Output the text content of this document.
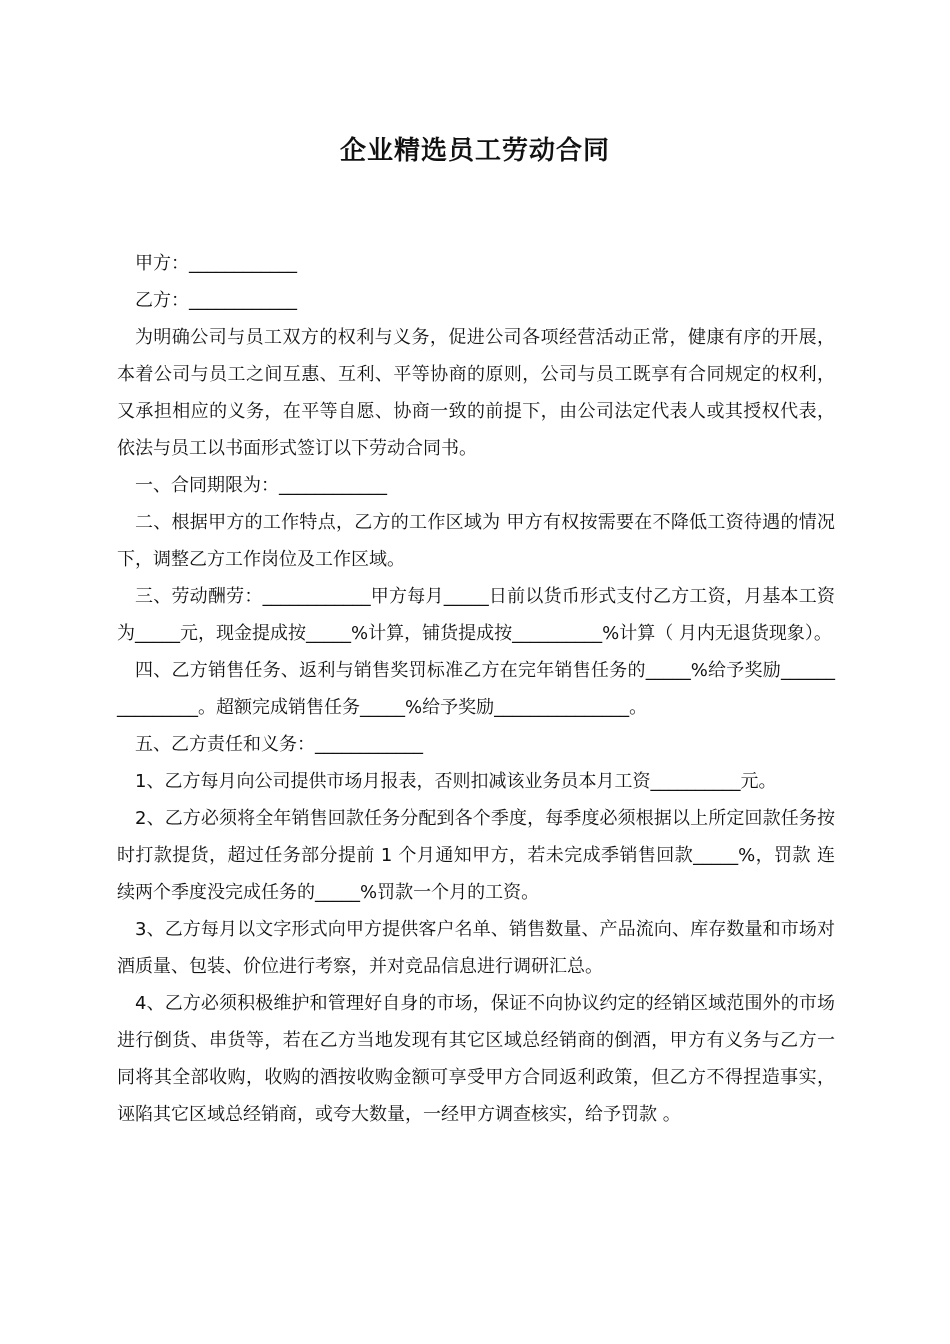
企业精选员工劳动合同

甲方：____________

乙方：____________

为明确公司与员工双方的权利与义务，促进公司各项经营活动正常，健康有序的开展，本着公司与员工之间互惠、互利、平等协商的原则，公司与员工既享有合同规定的权利，又承担相应的义务，在平等自愿、协商一致的前提下，由公司法定代表人或其授权代表，依法与员工以书面形式签订以下劳动合同书。

一、合同期限为：____________

二、根据甲方的工作特点，乙方的工作区域为 甲方有权按需要在不降低工资待遇的情况下，调整乙方工作岗位及工作区域。

三、劳动酬劳：____________甲方每月_____日前以货币形式支付乙方工资，月基本工资为_____元，现金提成按_____%计算，铺货提成按__________%计算（ 月内无退货现象）。

四、乙方销售任务、返利与销售奖罚标准乙方在完年销售任务的_____%给予奖励_______________。超额完成销售任务_____%给予奖励_______________。

五、乙方责任和义务：____________

1、乙方每月向公司提供市场月报表，否则扣减该业务员本月工资__________元。

2、乙方必须将全年销售回款任务分配到各个季度，每季度必须根据以上所定回款任务按时打款提货，超过任务部分提前 1 个月通知甲方，若未完成季销售回款_____%，罚款 连续两个季度没完成任务的_____%罚款一个月的工资。

3、乙方每月以文字形式向甲方提供客户名单、销售数量、产品流向、库存数量和市场对 酒质量、包装、价位进行考察，并对竞品信息进行调研汇总。

4、乙方必须积极维护和管理好自身的市场，保证不向协议约定的经销区域范围外的市场进行倒货、串货等，若在乙方当地发现有其它区域总经销商的倒酒，甲方有义务与乙方一同将其全部收购，收购的酒按收购金额可享受甲方合同返利政策，但乙方不得捏造事实，诬陷其它区域总经销商，或夸大数量，一经甲方调查核实，给予罚款 。
